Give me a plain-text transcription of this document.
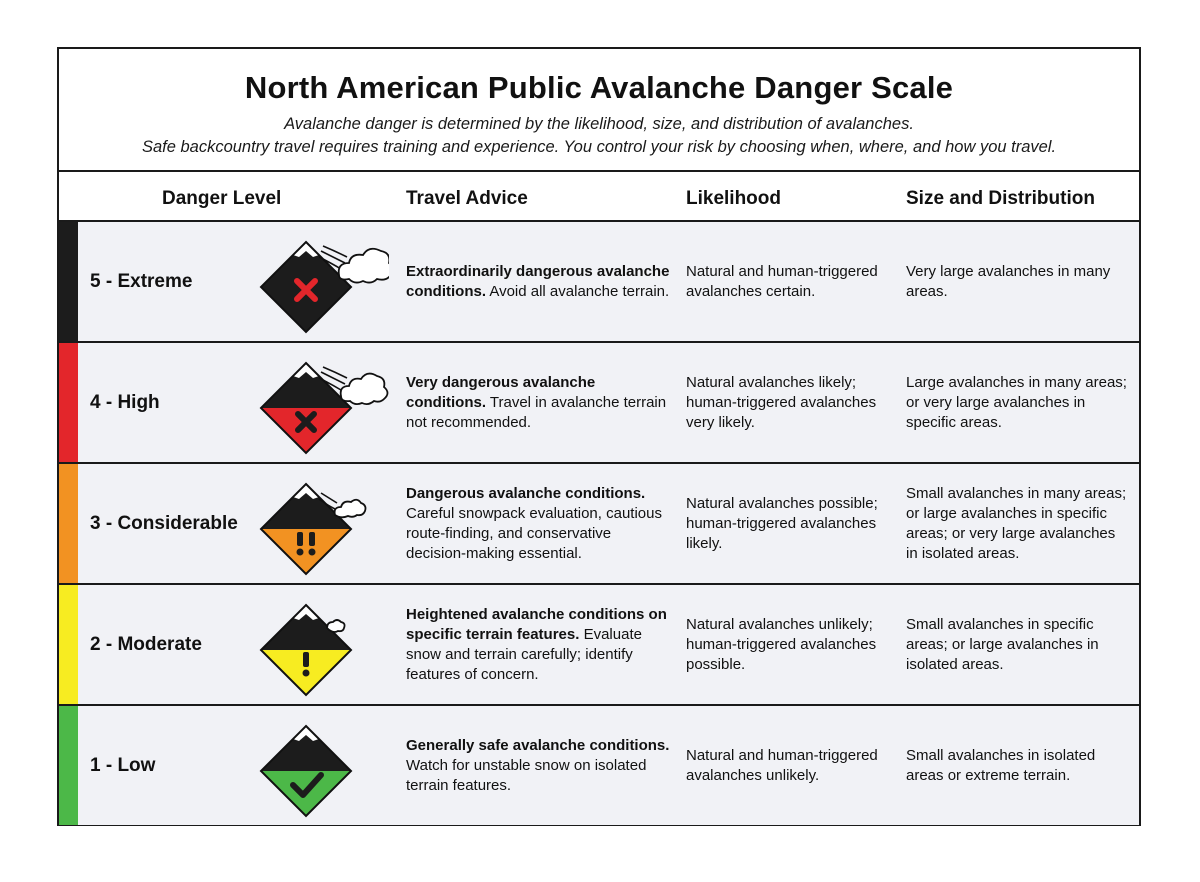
North American Public Avalanche Danger Scale
Avalanche danger is determined by the likelihood, size, and distribution of avalanches.
Safe backcountry travel requires training and experience. You control your risk by choosing when, where, and how you travel.
Danger Level	Travel Advice	Likelihood	Size and Distribution
5 - Extreme	Extraordinarily dangerous avalanche conditions. Avoid all avalanche terrain.
Natural and human-triggered avalanches certain.
Very large avalanches in many areas.
4 - High
Very dangerous avalanche conditions. Travel in avalanche terrain not recommended.
Natural avalanches likely; human-triggered avalanches very likely.
Large avalanches in many areas; or very large avalanches in specific areas.
3 - Considerable
Dangerous avalanche conditions. Careful snowpack evaluation, cautious route-finding, and conservative decision-making essential.
Natural avalanches possible; human-triggered avalanches likely.
Small avalanches in many areas; or large avalanches in specific areas; or very large avalanches in isolated areas.
2 - Moderate
Heightened avalanche conditions on specific terrain features. Evaluate snow and terrain carefully; identify features of concern.
Natural avalanches unlikely; human-triggered avalanches possible.
Small avalanches in specific areas; or large avalanches in isolated areas.
1 - Low
Generally safe avalanche conditions. Watch for unstable snow on isolated terrain features.
Natural and human-triggered avalanches unlikely.
Small avalanches in isolated areas or extreme terrain.
